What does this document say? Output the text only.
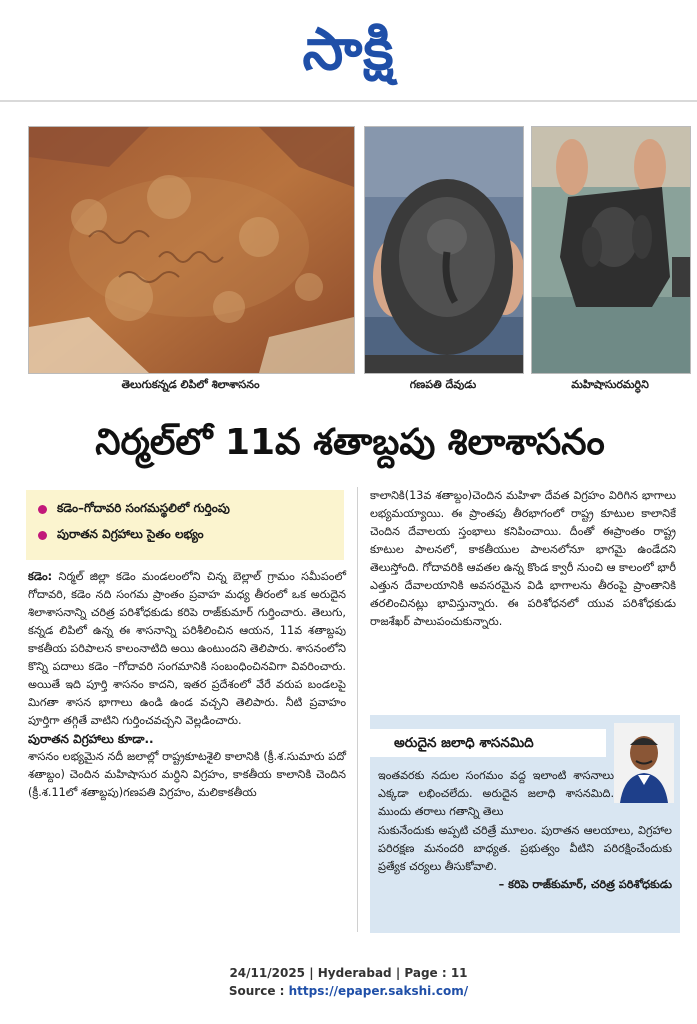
సాక్షి
తెలుగుకన్నడ లిపిలో శిలాశాసనం	గణపతి దేవుడు	మహిషాసురమర్ధిని
నిర్మల్‌లో 11వ శతాబ్దపు శిలాశాసనం
కడెం–గోదావరి సంగమస్థలిలో గుర్తింపు
పురాతన విగ్రహాలు సైతం లభ్యం

కడెం: నిర్మల్‌ జిల్లా కడెం మండలంలోని చిన్న బెల్లాల్‌ గ్రామం సమీపంలో గోదావరి, కడెం నది సంగమ ప్రాంతం ప్రవాహ మధ్య తీరంలో ఒక అరుదైన శిలాశాసనాన్ని చరిత్ర పరిశోధకుడు కరిపె రాజ్‌కుమార్‌ గుర్తించారు. తెలుగు, కన్నడ లిపిలో ఉన్న ఈ శాసనాన్ని పరిశీలించిన ఆయన, 11వ శతాబ్దపు కాకతీయ పరిపాలన కాలంనాటిది అయి ఉంటుందని తెలిపారు. శాసనంలోని కొన్ని పదాలు కడెం –గోదావరి సంగమానికి సంబంధించినవిగా వివరించారు. అయితే ఇది పూర్తి శాసనం కాదని, ఇతర ప్రదేశంలో వేరే వరుప బండలపై మిగతా శాసన భాగాలు ఉండి ఉండ వచ్చని తెలిపారు. నీటి ప్రవాహం పూర్తిగా తగ్గితే వాటిని గుర్తించవచ్చని వెల్లడించారు.

పురాతన విగ్రహాలు కూడా..

శాసనం లభ్యమైన నదీ జలాల్లో రాష్ట్రకూటశైలి కాలానికి (క్రీ.శ.సుమారు పదో శతాబ్దం) చెందిన మహిషాసుర మర్ధిని విగ్రహం, కాకతీయ కాలానికి చెందిన (క్రీ.శ.11లో శతాబ్దపు)గణపతి విగ్రహం, మలికాకతీయ

కాలానికి(13వ శతాబ్దం)చెందిన మహిళా దేవత విగ్రహం విరిగిన భాగాలు లభ్యమయ్యాయి. ఈ ప్రాంతపు తీరభాగంలో రాష్ట్ర కూటుల కాలానికే చెందిన దేవాలయ స్తంభాలు కనిపించాయి. దీంతో ఈప్రాంతం రాష్ట్ర కూటుల పాలనలో, కాకతీయుల పాలనలోనూ భాగమై ఉండేదని తెలుస్తోంది. గోదావరికి ఆవతల ఉన్న కొండ క్వారీ నుంచి ఆ కాలంలో భారీ ఎత్తున దేవాలయానికి అవసరమైన విడి భాగాలను తీరంపై ప్రాంతానికి తరలించినట్లు భావిస్తున్నారు. ఈ పరిశోధనలో యువ పరిశోధకుడు రాజశేఖర్‌ పాలుపంచుకున్నారు.

అరుదైన జలాధి శాసనమిది

ఇంతవరకు నదుల సంగమం వద్ద ఇలాంటి శాసనాలు ఎక్కడా లభించలేదు. అరుదైన జలాధి శాసనమిది. ముందు తరాలు గతాన్ని తెలు

సుకునేందుకు అప్పటి చరిత్రే మూలం. పురాతన ఆలయాలు, విగ్రహాల పరిరక్షణ మనందరి బాధ్యత. ప్రభుత్వం వీటిని పరిరక్షించేందుకు ప్రత్యేక చర్యలు తీసుకోవాలి.

– కరిపె రాజ్‌కుమార్‌, చరిత్ర పరిశోధకుడు

24/11/2025 | Hyderabad | Page : 11
Source : https://epaper.sakshi.com/
